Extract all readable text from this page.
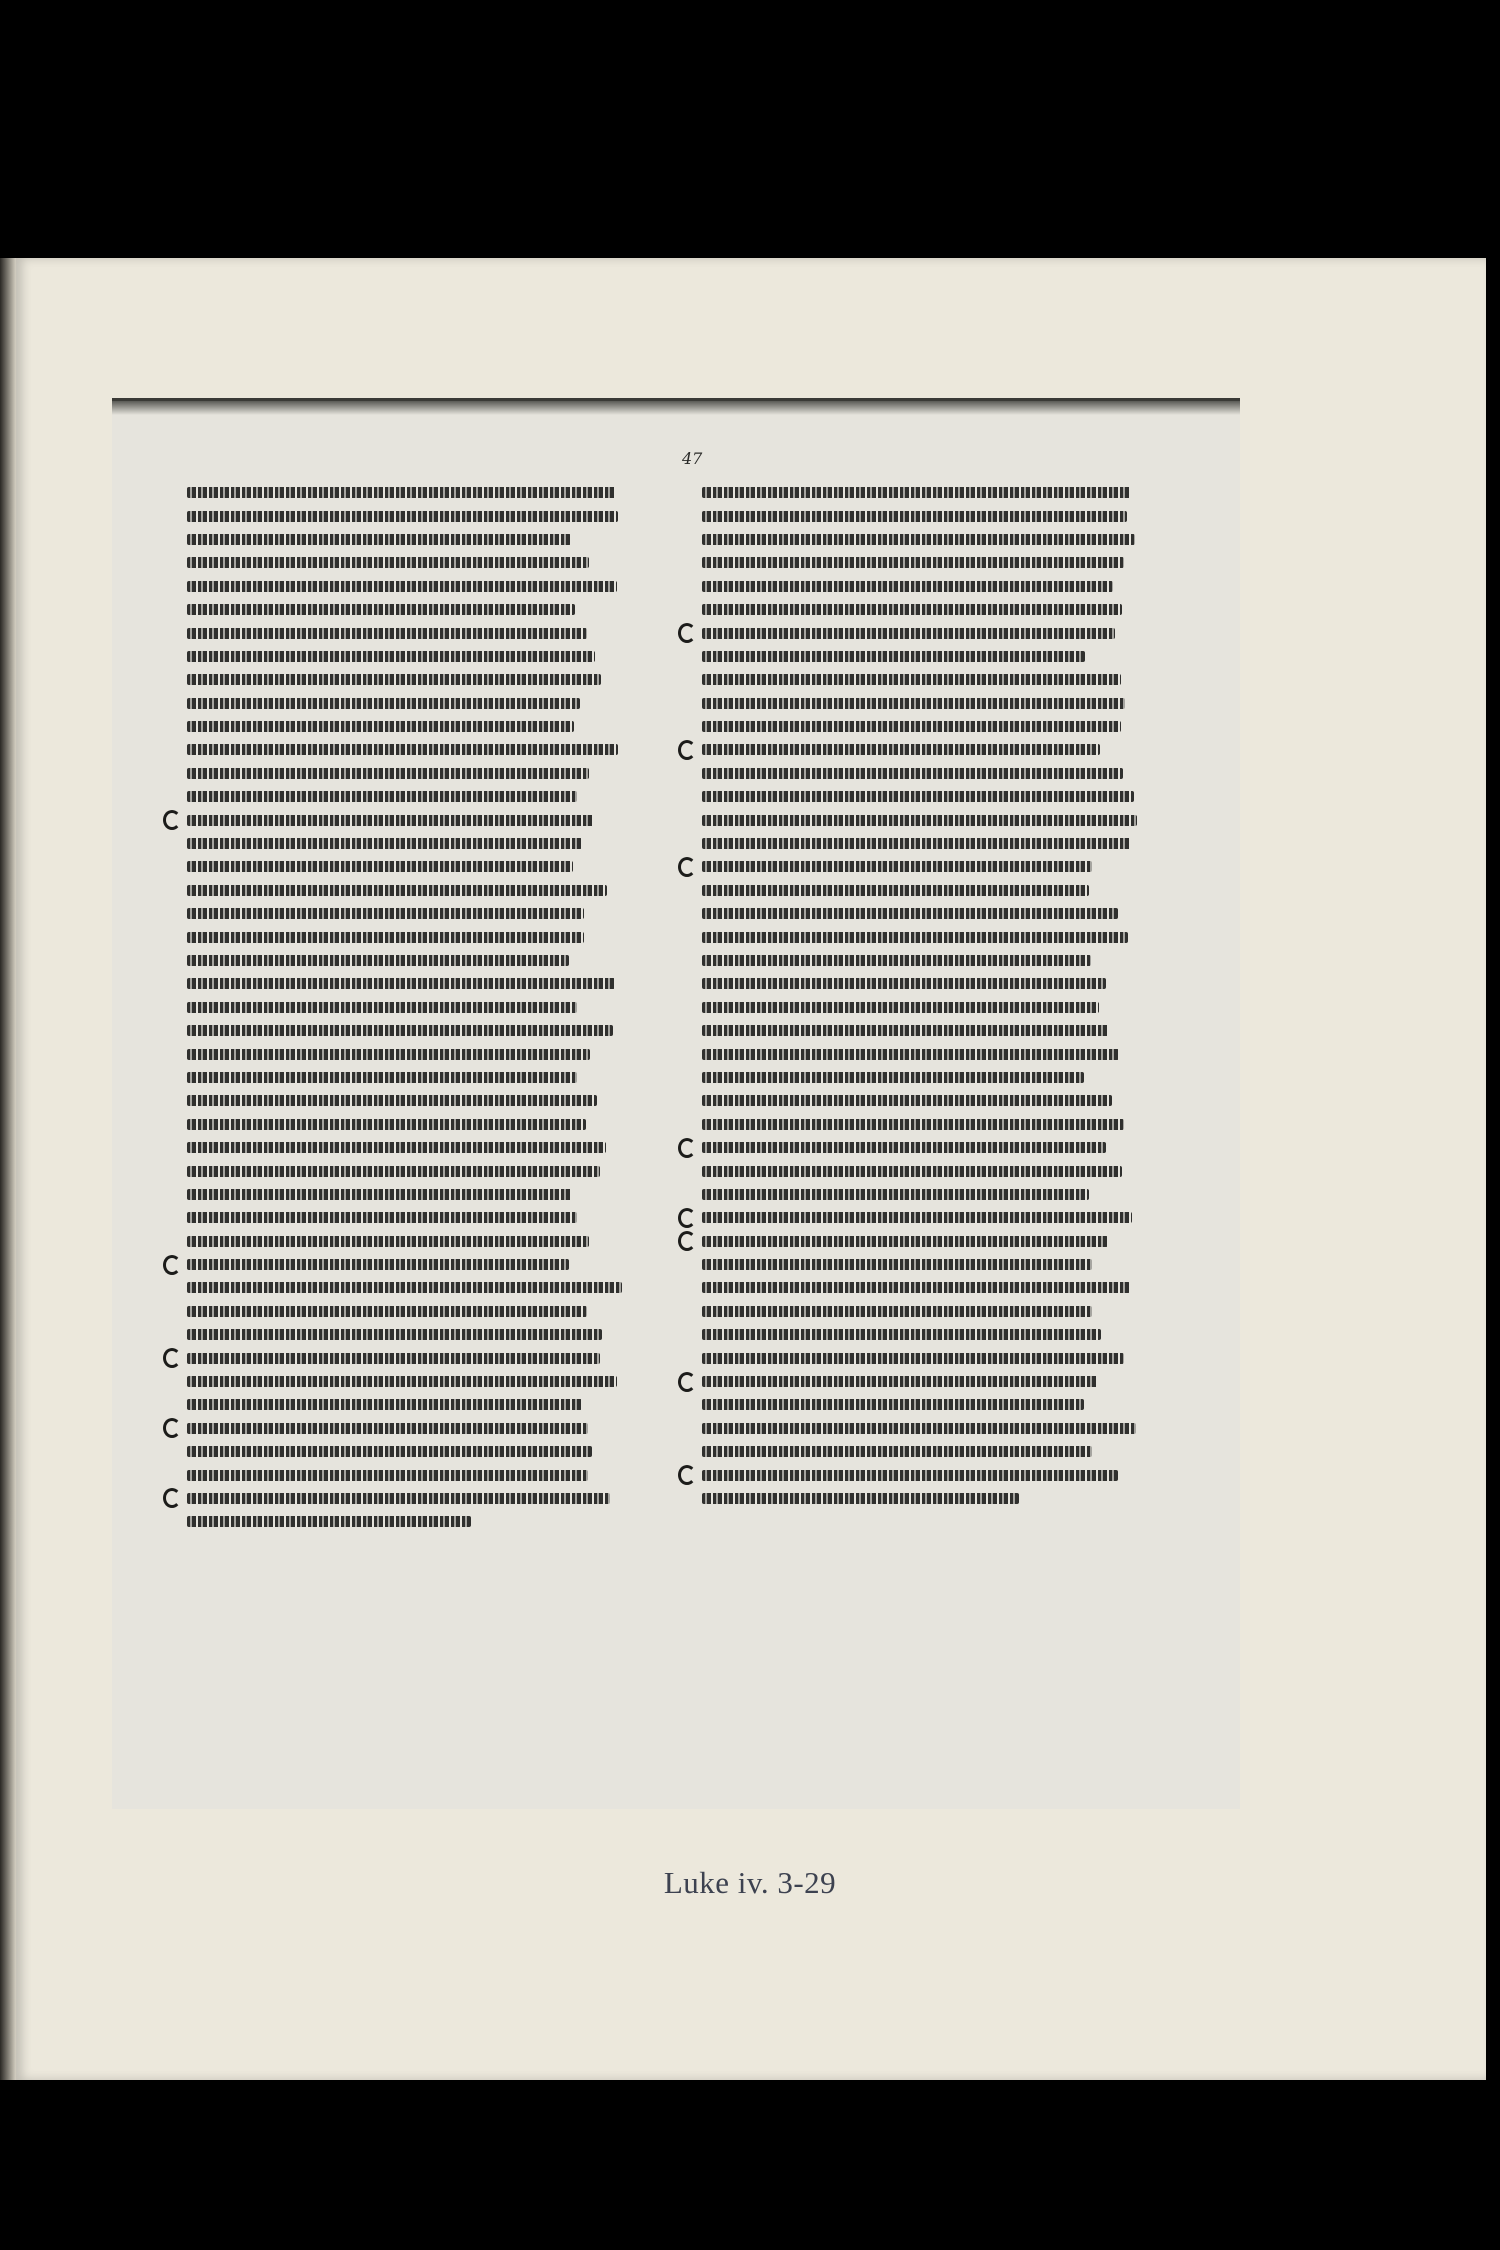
47
Luke iv. 3-29
